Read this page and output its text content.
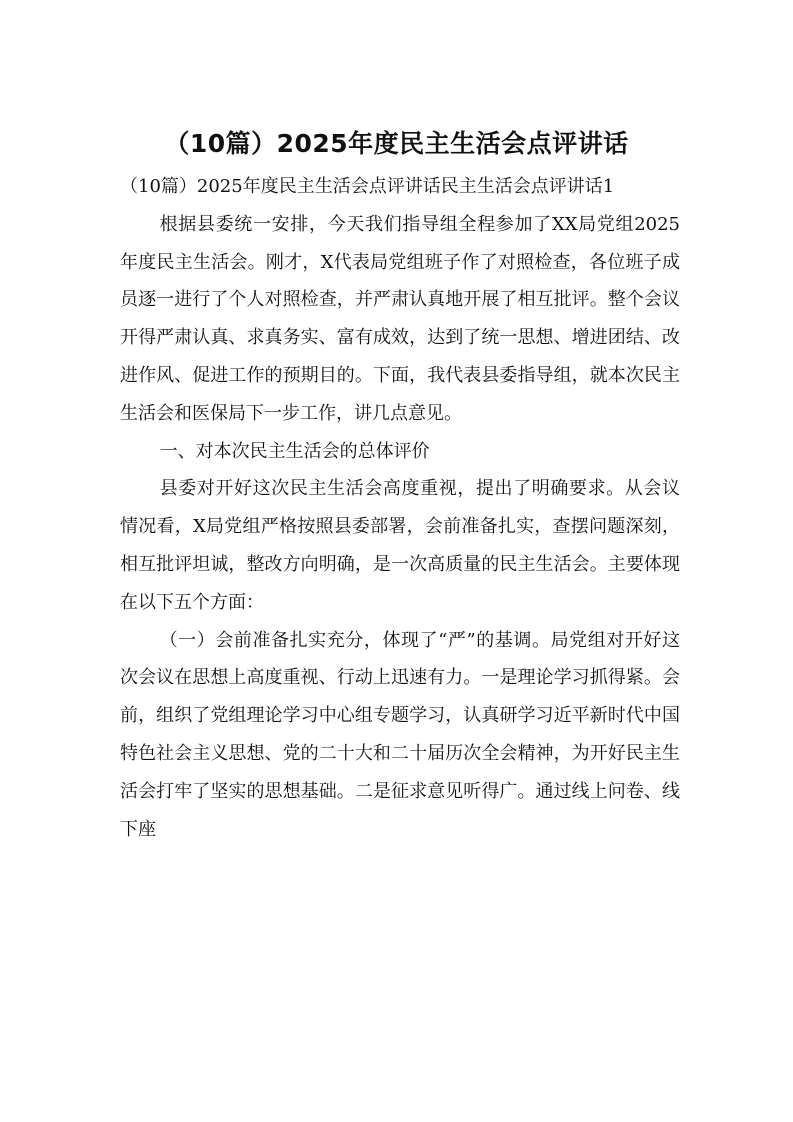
（10篇）2025年度民主生活会点评讲话

（10篇）2025年度民主生活会点评讲话民主生活会点评讲话1

根据县委统一安排，今天我们指导组全程参加了XX局党组2025年度民主生活会。刚才，X代表局党组班子作了对照检查，各位班子成员逐一进行了个人对照检查，并严肃认真地开展了相互批评。整个会议开得严肃认真、求真务实、富有成效，达到了统一思想、增进团结、改进作风、促进工作的预期目的。下面，我代表县委指导组，就本次民主生活会和医保局下一步工作，讲几点意见。

一、对本次民主生活会的总体评价

县委对开好这次民主生活会高度重视，提出了明确要求。从会议情况看，X局党组严格按照县委部署，会前准备扎实，查摆问题深刻，相互批评坦诚，整改方向明确，是一次高质量的民主生活会。主要体现在以下五个方面：

（一）会前准备扎实充分，体现了“严”的基调。局党组对开好这次会议在思想上高度重视、行动上迅速有力。一是理论学习抓得紧。会前，组织了党组理论学习中心组专题学习，认真研学习近平新时代中国特色社会主义思想、党的二十大和二十届历次全会精神，为开好民主生活会打牢了坚实的思想基础。二是征求意见听得广。通过线上问卷、线下座
